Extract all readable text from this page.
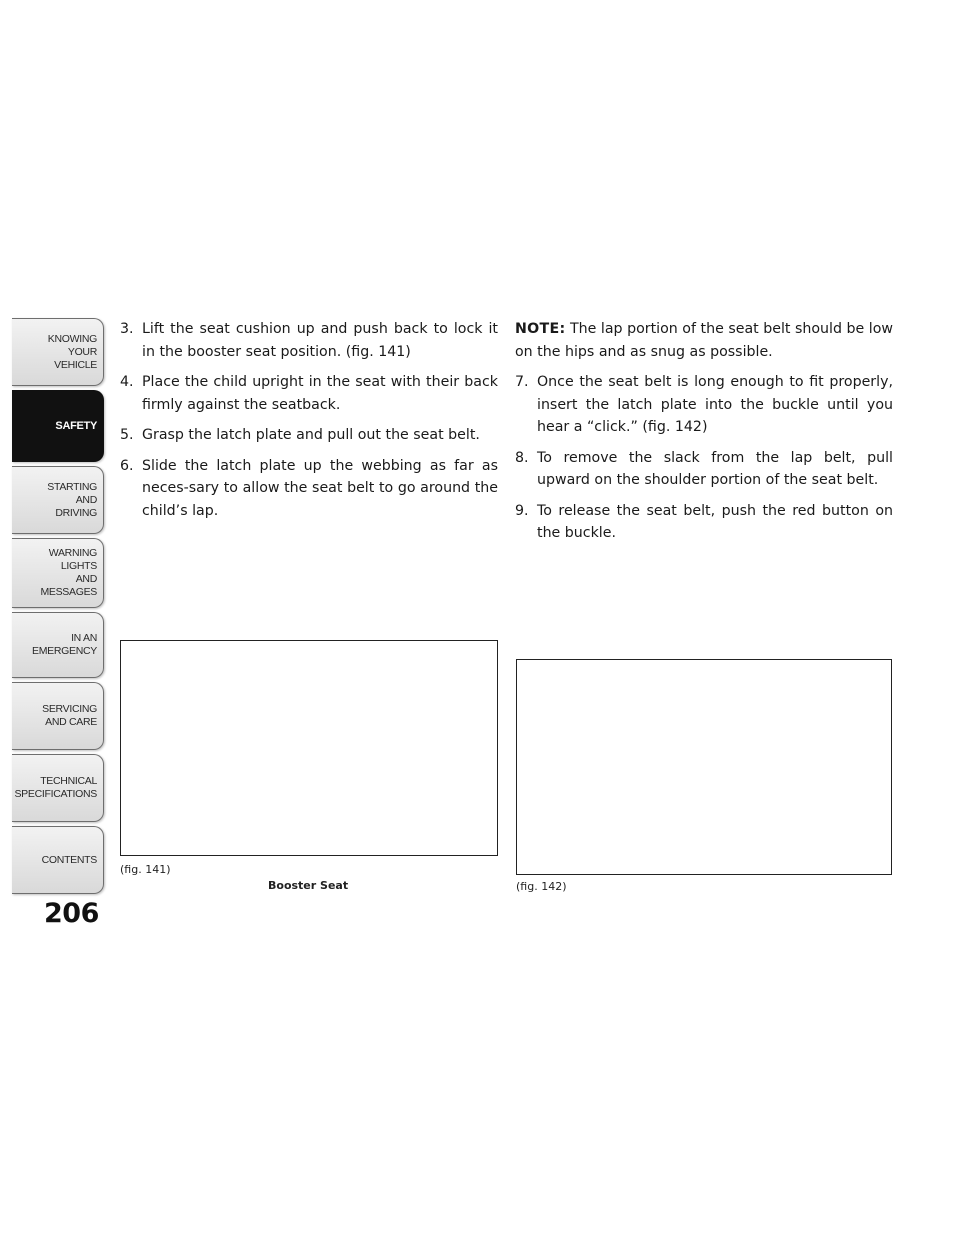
KNOWING
YOUR
VEHICLE
SAFETY
STARTING
AND
DRIVING
WARNING
LIGHTS
AND
MESSAGES
IN AN
EMERGENCY
SERVICING
AND CARE
TECHNICAL
SPECIFICATIONS
CONTENTS
206

3. Lift the seat cushion up and push back to lock it in the booster seat position. (fig. 141)

4. Place the child upright in the seat with their back firmly against the seatback.

5. Grasp the latch plate and pull out the seat belt.

6. Slide the latch plate up the webbing as far as neces-sary to allow the seat belt to go around the child’s lap.

NOTE: The lap portion of the seat belt should be low on the hips and as snug as possible.

7. Once the seat belt is long enough to fit properly, insert the latch plate into the buckle until you hear a “click.” (fig. 142)

8. To remove the slack from the lap belt, pull upward on the shoulder portion of the seat belt.

9. To release the seat belt, push the red button on the buckle.

(fig. 141)
Booster Seat	(fig. 142)
